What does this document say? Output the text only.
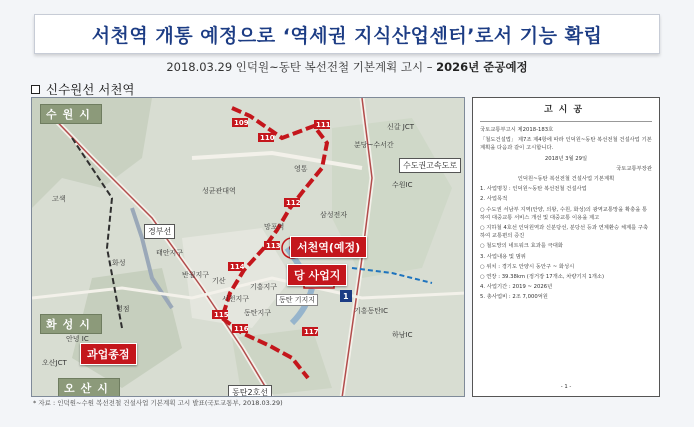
서천역 개통 예정으로 ‘역세권 지식산업센터’로서 기능 확립
2018.03.29 인덕원~동탄 복선전철 기본계획 고시 – 2026년 준공예정
신수원선 서천역
109
110
111
112
113
114
115
116	117
1
수원시
화성시
오산시
서천역(예정)
당 사업지
과업종점
수도권고속도로
경부선
동탄2호선
기흥동탄IC
성균관대역
수원IC
영통
망포역
화성
신갈 JCT
분당~수서간
서천지구
기흥지구
동탄지구
동탄 기지지
기산
반월지구
고색
병점
오산JCT
안녕 IC
태안지구
삼성전자
하남IC
* 자료 : 인덕원~수원 복선전철 건설사업 기본계획 고시 발표(국토교통부, 2018.03.29)
고시공

국토교통부고시 제2018-183호

「철도건설법」 제7조 제4항에 따라 인덕원~동탄 복선전철 건설사업 기본계획을 다음과 같이 고시합니다.

2018년 3월 29일

국토교통부장관

인덕원~동탄 복선전철 건설사업 기본계획

1. 사업명칭 : 인덕원~동탄 복선전철 건설사업

2. 사업목적

○ 수도권 서남부 지역(안양, 의왕, 수원, 화성)의 광역교통망을 확충을 통하여 대중교통 서비스 개선 및 대중교통 이용을 제고

○ 지하철 4호선 인덕원역과 신분당선, 분당선 등과 연계환승 체계를 구축하여 교통편의 증진

○ 철도망의 네트워크 효과를 극대화

3. 사업내용 및 범위

○ 위치 : 경기도 안양시 동안구 ~ 화성시

○ 연장 : 39.38km (정거장 17개소, 차량기지 1개소)

4. 사업기간 : 2019 ~ 2026년

5. 총사업비 : 2조 7,000억원

- 1 -
